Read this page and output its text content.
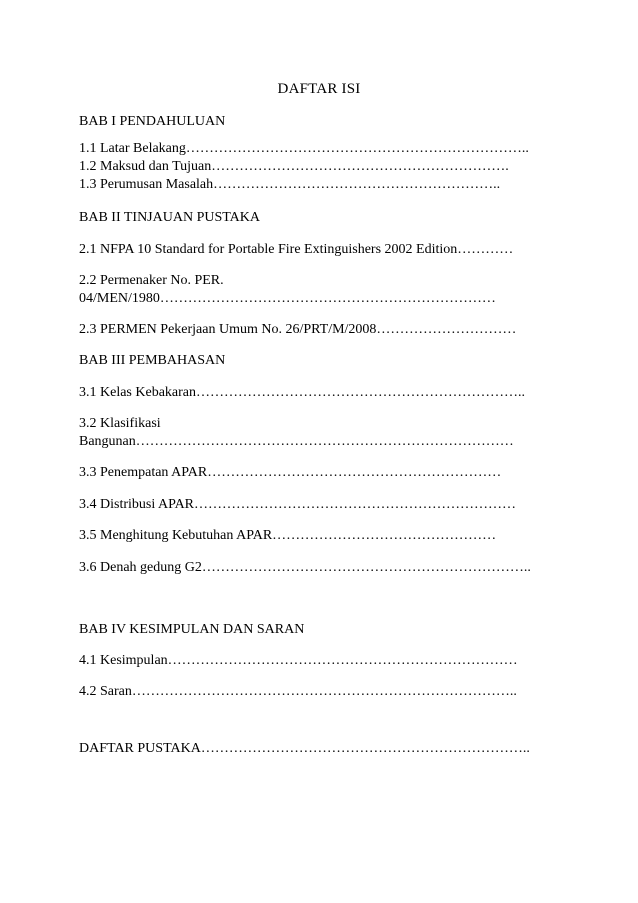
DAFTAR ISI
BAB I PENDAHULUAN
1.1 Latar Belakang………………………………………………………………..
1.2 Maksud dan Tujuan……………………………………………………….
1.3 Perumusan Masalah……………………………………………………..
BAB II TINJAUAN PUSTAKA
2.1 NFPA 10 Standard for Portable Fire Extinguishers 2002 Edition…………
2.2 Permenaker No. PER.
04/MEN/1980………………………………………………………………
2.3 PERMEN Pekerjaan Umum No. 26/PRT/M/2008…………………………
BAB III PEMBAHASAN
3.1 Kelas Kebakaran……………………………………………………………..
3.2 Klasifikasi
Bangunan………………………………………………………………………
3.3 Penempatan APAR………………………………………………………
3.4 Distribusi APAR……………………………………………………………
3.5 Menghitung Kebutuhan APAR…………………………………………
3.6 Denah gedung G2……………………………………………………………..
BAB IV KESIMPULAN DAN SARAN
4.1 Kesimpulan…………………………………………………………………
4.2 Saran………………………………………………………………………..
DAFTAR PUSTAKA……………………………………………………………..
